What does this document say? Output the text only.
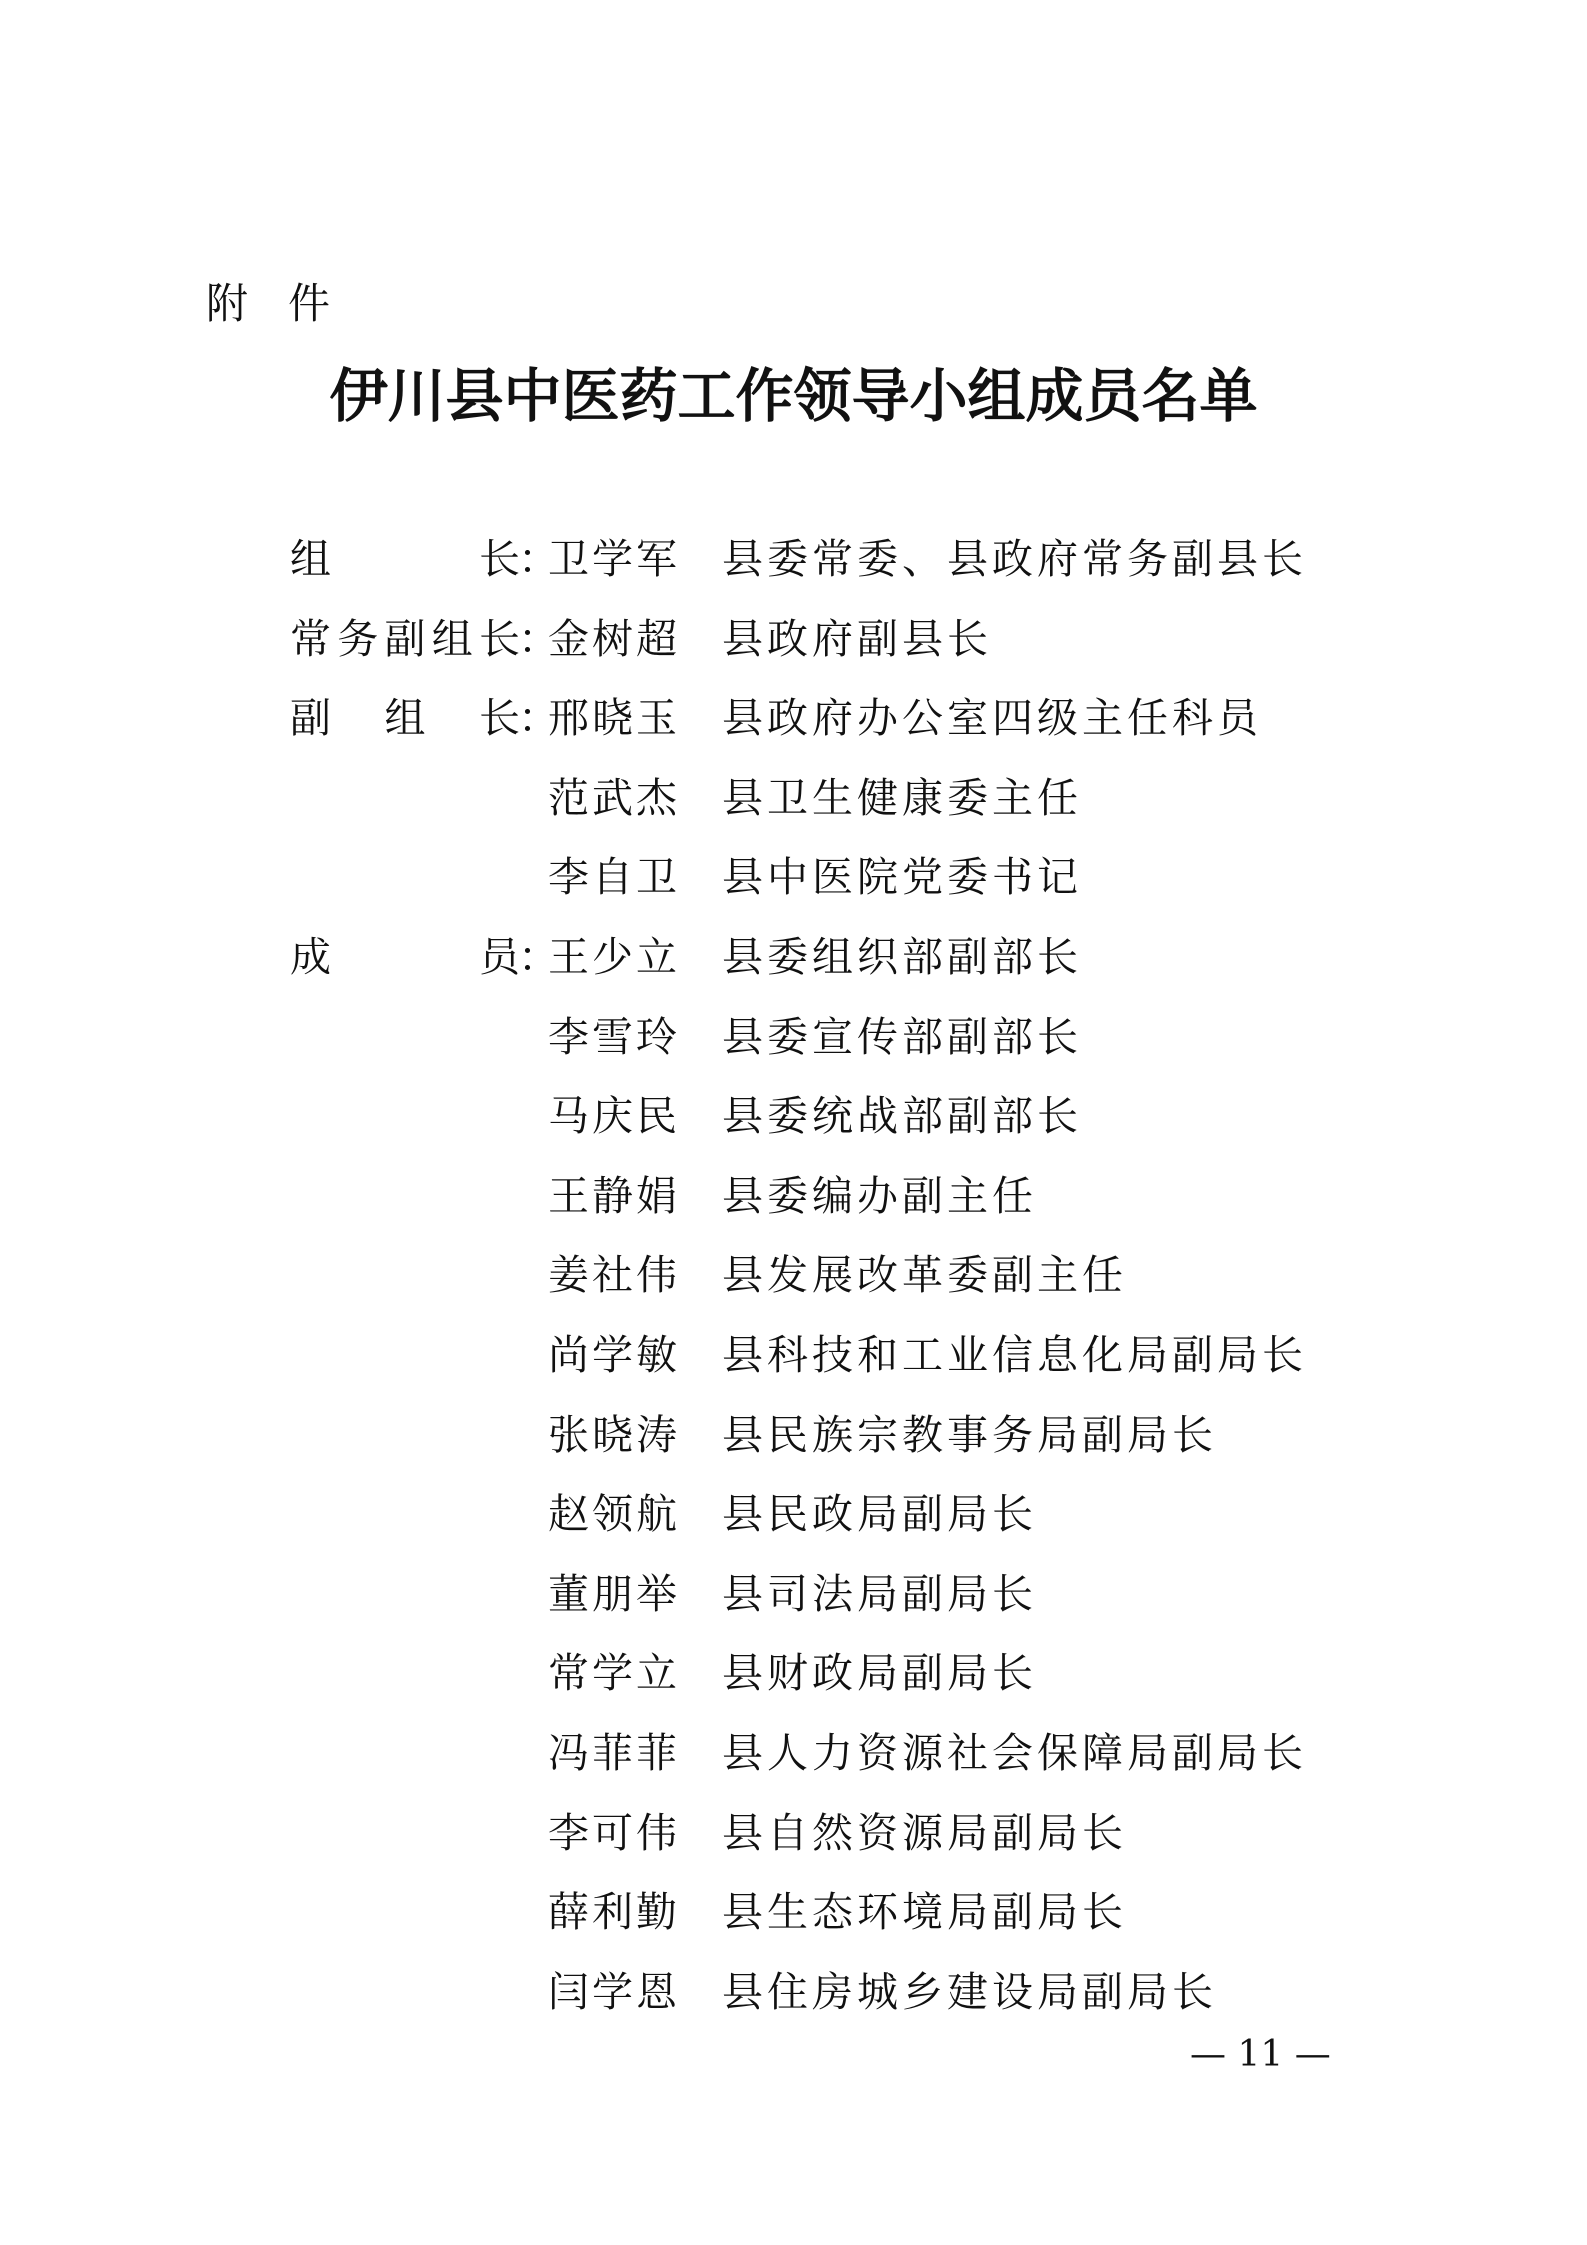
附件
伊川县中医药工作领导小组成员名单
组	长
：
卫学军 县委常委、县政府常务副县长
常 务 副 组 长
：
金树超 县政府副县长
副 组 长
：
邢晓玉 县政府办公室四级主任科员
范武杰 县卫生健康委主任
李自卫 县中医院党委书记
成	员
：
王少立 县委组织部副部长
李雪玲 县委宣传部副部长
马庆民 县委统战部副部长
王静娟 县委编办副主任
姜社伟 县发展改革委副主任
尚学敏 县科技和工业信息化局副局长
张晓涛 县民族宗教事务局副局长
赵领航 县民政局副局长
董朋举 县司法局副局长
常学立 县财政局副局长
冯菲菲 县人力资源社会保障局副局长
李可伟 县自然资源局副局长
薛利勤 县生态环境局副局长
闫学恩 县住房城乡建设局副局长
— 11 —
